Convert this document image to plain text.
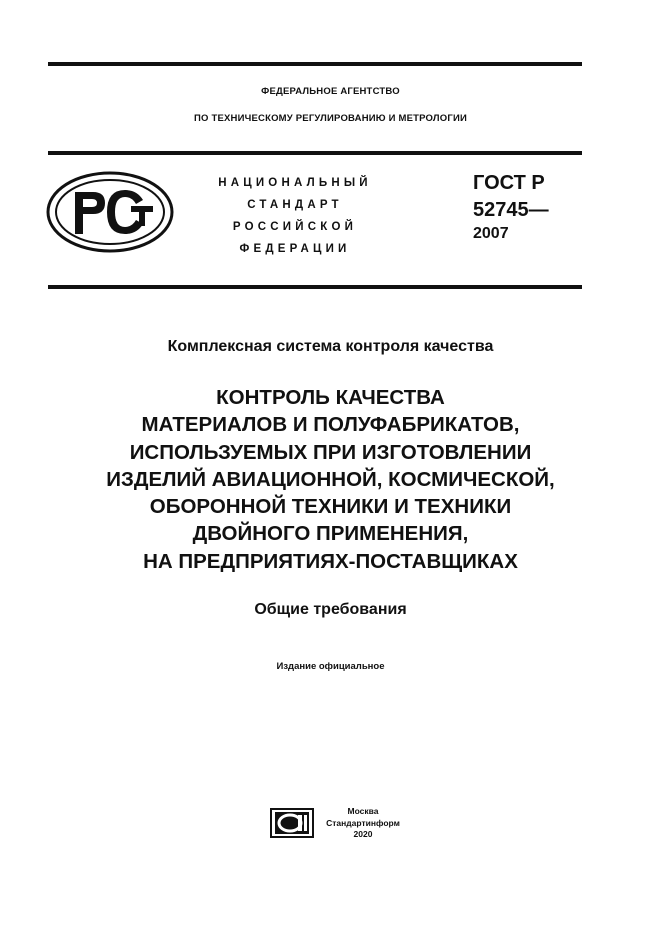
ФЕДЕРАЛЬНОЕ АГЕНТСТВО
ПО ТЕХНИЧЕСКОМУ РЕГУЛИРОВАНИЮ И МЕТРОЛОГИИ
НАЦИОНАЛЬНЫЙ
СТАНДАРТ
РОССИЙСКОЙ
ФЕДЕРАЦИИ
ГОСТ Р
52745—
2007
Комплексная система контроля качества
КОНТРОЛЬ КАЧЕСТВА
МАТЕРИАЛОВ И ПОЛУФАБРИКАТОВ,
ИСПОЛЬЗУЕМЫХ ПРИ ИЗГОТОВЛЕНИИ
ИЗДЕЛИЙ АВИАЦИОННОЙ, КОСМИЧЕСКОЙ,
ОБОРОННОЙ ТЕХНИКИ И ТЕХНИКИ
ДВОЙНОГО ПРИМЕНЕНИЯ,
НА ПРЕДПРИЯТИЯХ-ПОСТАВЩИКАХ
Общие требования
Издание официальное
Москва
Стандартинформ
2020
